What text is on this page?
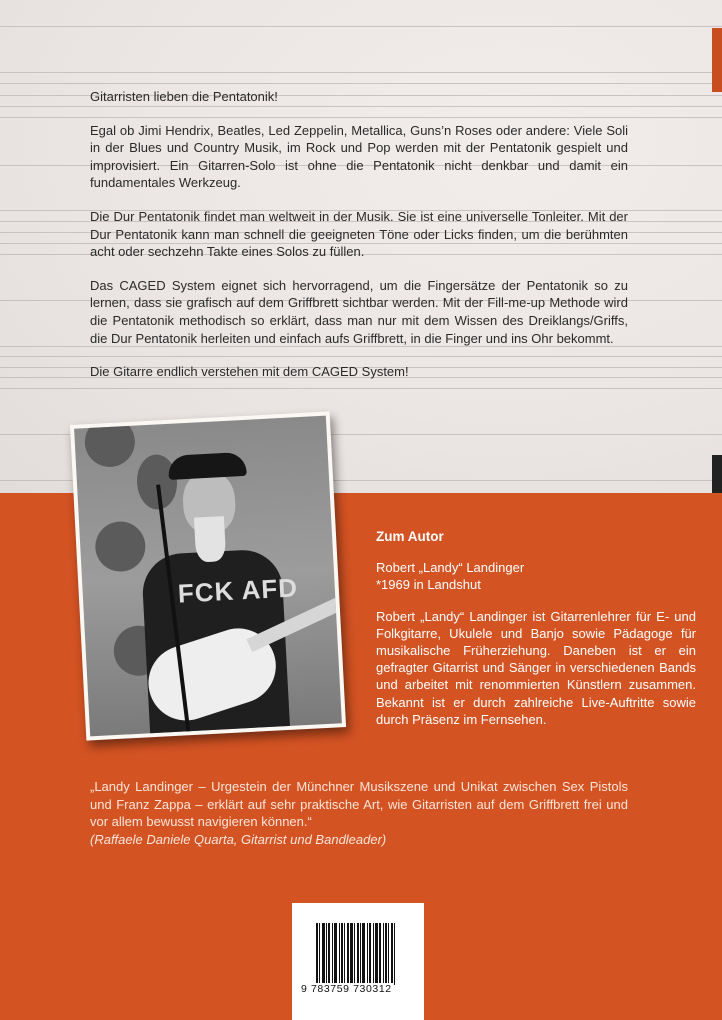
Gitarristen lieben die Pentatonik!

Egal ob Jimi Hendrix, Beatles, Led Zeppelin, Metallica, Guns’n Roses oder andere: Viele Soli in der Blues und Country Musik, im Rock und Pop werden mit der Pentatonik gespielt und improvisiert. Ein Gitarren-Solo ist ohne die Pentatonik nicht denkbar und damit ein fundamentales Werkzeug.

Die Dur Pentatonik findet man weltweit in der Musik. Sie ist eine universelle Tonleiter. Mit der Dur Pentatonik kann man schnell die geeigneten Töne oder Licks finden, um die berühmten acht oder sechzehn Takte eines Solos zu füllen.

Das CAGED System eignet sich hervorragend, um die Fingersätze der Pentatonik so zu lernen, dass sie grafisch auf dem Griffbrett sichtbar werden. Mit der Fill-me-up Methode wird die Pentatonik methodisch so erklärt, dass man nur mit dem Wissen des Dreiklangs/Griffs, die Dur Pentatonik herleiten und einfach aufs Griffbrett, in die Finger und ins Ohr bekommt.

Die Gitarre endlich verstehen mit dem CAGED System!

FCK AFD
Zum Autor
Robert „Landy“ Landinger
*1969 in Landshut

Robert „Landy“ Landinger ist Gitarrenlehrer für E- und Folkgitarre, Ukulele und Banjo sowie Pädagoge für musikalische Früherziehung. Daneben ist er ein gefragter Gitarrist und Sänger in verschiedenen Bands und arbeitet mit renommierten Künstlern zusammen. Bekannt ist er durch zahlreiche Live-Auftritte sowie durch Präsenz im Fernsehen.

„Landy Landinger – Urgestein der Münchner Musikszene und Unikat zwischen Sex Pistols und Franz Zappa – erklärt auf sehr praktische Art, wie Gitarristen auf dem Griffbrett frei und vor allem bewusst navigieren können.“
(Raffaele Daniele Quarta, Gitarrist und Bandleader)
9 783759 730312
